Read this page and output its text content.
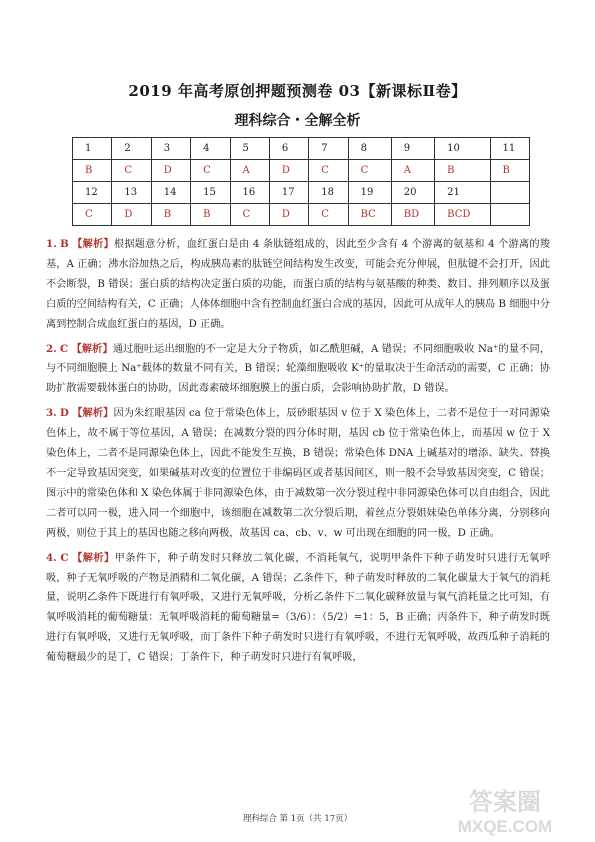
2019 年高考原创押题预测卷 03【新课标Ⅱ卷】
理科综合・全解全析
1	2	3	4	5	6	7	8	9	10	11
B	C	D	C	A	D	C	C	A	B	B
12	13	14	15	16	17	18	19	20	21	
C	D	B	B	C	D	C	BC	BD	BCD	

1. B 【解析】根据题意分析，血红蛋白是由 4 条肽链组成的，因此至少含有 4 个游离的氨基和 4 个游离的羧基，A 正确；沸水浴加热之后，构成胰岛素的肽链空间结构发生改变，可能会充分伸展，但肽键不会打开，因此不会断裂，B 错误；蛋白质的结构决定蛋白质的功能，而蛋白质的结构与氨基酸的种类、数目、排列顺序以及蛋白质的空间结构有关，C 正确；人体体细胞中含有控制血红蛋白合成的基因，因此可从成年人的胰岛 B 细胞中分离到控制合成血红蛋白的基因，D 正确。

2. C 【解析】通过胞吐运出细胞的不一定是大分子物质，如乙酰胆碱，A 错误；不同细胞吸收 Na⁺的量不同，与不同细胞膜上 Na⁺载体的数量不同有关，B 错误；轮藻细胞吸收 K⁺的量取决于生命活动的需要，C 正确；协助扩散需要载体蛋白的协助，因此毒素破坏细胞膜上的蛋白质，会影响协助扩散，D 错误。

3. D 【解析】因为朱红眼基因 ca 位于常染色体上，辰砂眼基因 v 位于 X 染色体上，二者不是位于一对同源染色体上，故不属于等位基因，A 错误；在减数分裂的四分体时期，基因 cb 位于常染色体上，而基因 w 位于 X 染色体上，二者不是同源染色体上，因此不能发生互换，B 错误；常染色体 DNA 上碱基对的增添、缺失、替换不一定导致基因突变，如果碱基对改变的位置位于非编码区或者基因间区，则一般不会导致基因突变，C 错误；图示中的常染色体和 X 染色体属于非同源染色体，由于减数第一次分裂过程中非同源染色体可以自由组合，因此二者可以同一极，进入同一个细胞中，该细胞在减数第二次分裂后期，着丝点分裂姐妹染色单体分离，分别移向两极，则位于其上的基因也随之移向两极，故基因 ca、cb、v、w 可出现在细胞的同一极，D 正确。

4. C 【解析】甲条件下，种子萌发时只释放二氧化碳，不消耗氧气，说明甲条件下种子萌发时只进行无氧呼吸，种子无氧呼吸的产物是酒精和二氧化碳，A 错误；乙条件下，种子萌发时释放的二氧化碳量大于氧气的消耗量，说明乙条件下既进行有氧呼吸，又进行无氧呼吸，分析乙条件下二氧化碳释放量与氧气消耗量之比可知，有氧呼吸消耗的葡萄糖量：无氧呼吸消耗的葡萄糖量=（3/6）：（5/2）=1：5，B 正确；丙条件下，种子萌发时既进行有氧呼吸，又进行无氧呼吸，而丁条件下种子萌发时只进行有氧呼吸，不进行无氧呼吸，故西瓜种子消耗的葡萄糖最少的是丁，C 错误；丁条件下，种子萌发时只进行有氧呼吸，

理科综合 第 1页（共 17页）
答案圈
MXQE.COM
